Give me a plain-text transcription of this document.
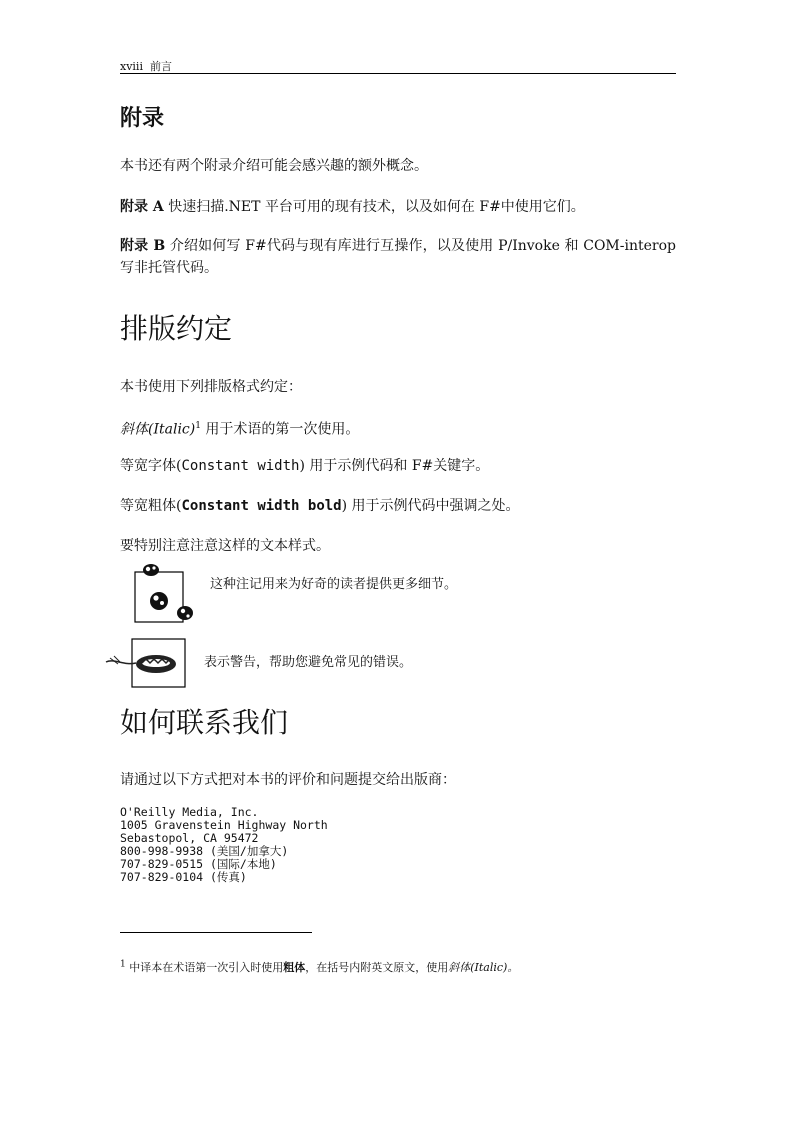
xviii 前言
附录
本书还有两个附录介绍可能会感兴趣的额外概念。
附录 A 快速扫描.NET 平台可用的现有技术，以及如何在 F#中使用它们。
附录 B 介绍如何写 F#代码与现有库进行互操作，以及使用 P/Invoke 和 COM-interop 写非托管代码。
排版约定
本书使用下列排版格式约定：
斜体(Italic)$^1$ 用于术语的第一次使用。
等宽字体(Constant width) 用于示例代码和 F#关键字。
等宽粗体(Constant width bold) 用于示例代码中强调之处。
要特别注意注意这样的文本样式。
这种注记用来为好奇的读者提供更多细节。
表示警告，帮助您避免常见的错误。
如何联系我们
请通过以下方式把对本书的评价和问题提交给出版商：
O'Reilly Media, Inc.
1005 Gravenstein Highway North
Sebastopol, CA 95472
800-998-9938 (美国/加拿大)
707-829-0515 (国际/本地)
707-829-0104 (传真)
$^1$ 中译本在术语第一次引入时使用粗体，在括号内附英文原文，使用斜体(Italic)。
